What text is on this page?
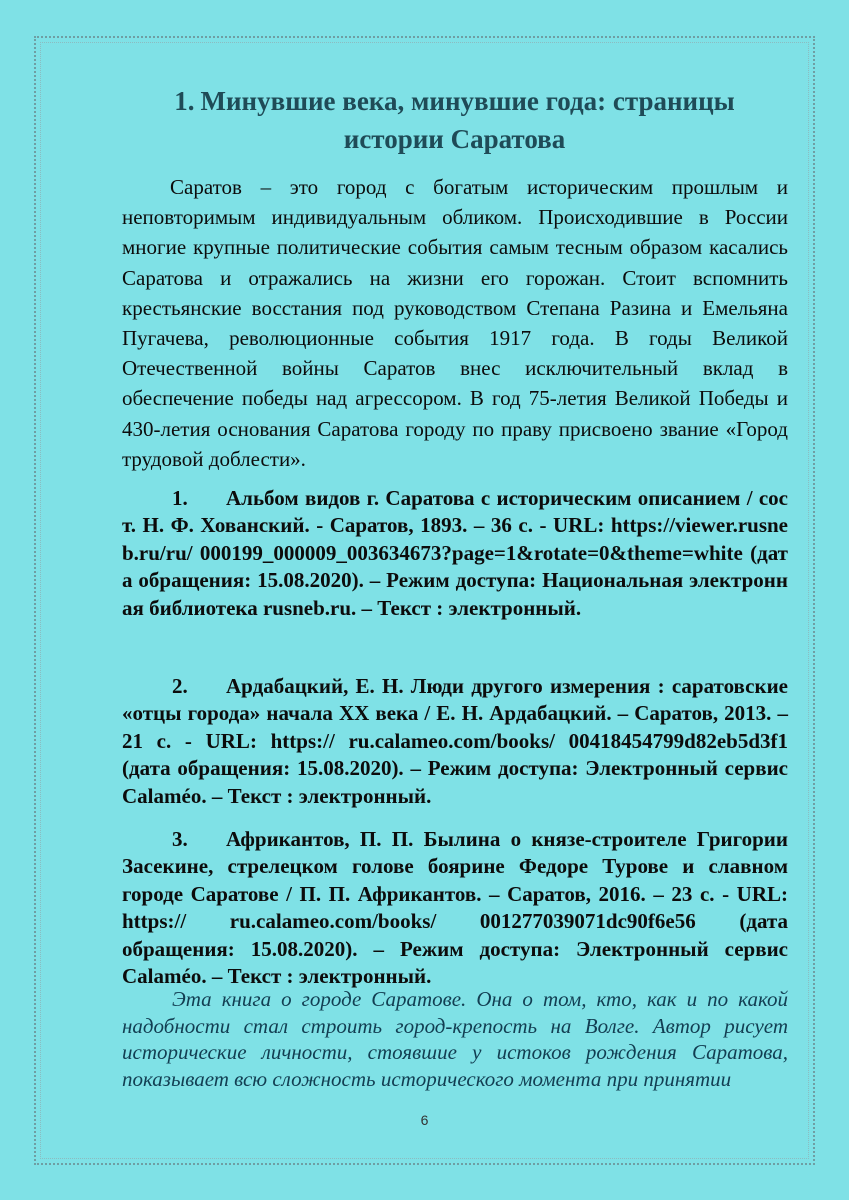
1. Минувшие века, минувшие года: страницы истории Саратова

Саратов – это город с богатым историческим прошлым и неповторимым индивидуальным обликом. Происходившие в России многие крупные политические события самым тесным образом касались Саратова и отражались на жизни его горожан. Стоит вспомнить крестьянские восстания под руководством Степана Разина и Емельяна Пугачева, революционные события 1917 года. В годы Великой Отечественной войны Саратов внес исключительный вклад в обеспечение победы над агрессором. В год 75-летия Великой Победы и 430-летия основания Саратова городу по праву присвоено звание «Город трудовой доблести».

1. Альбом видов г. Саратова с историческим описанием / сост. Н. Ф. Хованский. - Саратов, 1893. – 36 с. - URL: https://viewer.rusneb.ru/ru/ 000199_000009_003634673?page=1&rotate=0&theme=white (дата обращения: 15.08.2020). – Режим доступа: Национальная электронная библиотека rusneb.ru. – Текст : электронный.

2. Ардабацкий, Е. Н. Люди другого измерения : саратовские «отцы города» начала XX века / Е. Н. Ардабацкий. – Саратов, 2013. – 21 с. - URL: https:// ru.calameo.com/books/ 00418454799d82eb5d3f1 (дата обращения: 15.08.2020). – Режим доступа: Электронный сервис Calaméo. – Текст : электронный.

3. Африкантов, П. П. Былина о князе-строителе Григории Засекине, стрелецком голове боярине Федоре Турове и славном городе Саратове / П. П. Африкантов. – Саратов, 2016. – 23 с. - URL: https:// ru.calameo.com/books/ 001277039071dc90f6e56 (дата обращения: 15.08.2020). – Режим доступа: Электронный сервис Calaméo. – Текст : электронный.

Эта книга о городе Саратове. Она о том, кто, как и по какой надобности стал строить город-крепость на Волге. Автор рисует исторические личности, стоявшие у истоков рождения Саратова, показывает всю сложность исторического момента при принятии

6
